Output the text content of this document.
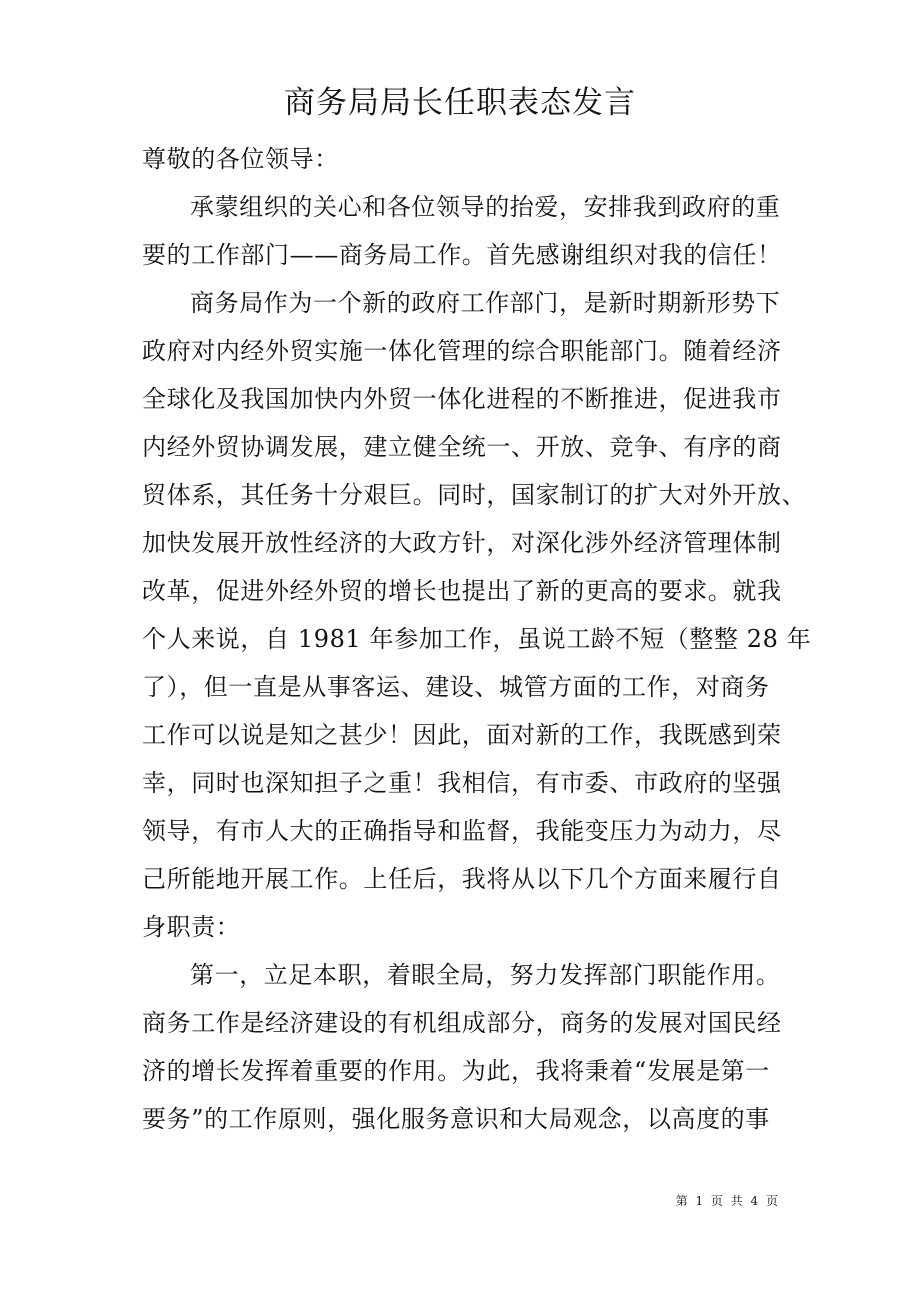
商务局局长任职表态发言
尊敬的各位领导：
承蒙组织的关心和各位领导的抬爱，安排我到政府的重
要的工作部门——商务局工作。首先感谢组织对我的信任！
商务局作为一个新的政府工作部门，是新时期新形势下
政府对内经外贸实施一体化管理的综合职能部门。随着经济
全球化及我国加快内外贸一体化进程的不断推进，促进我市
内经外贸协调发展，建立健全统一、开放、竞争、有序的商
贸体系，其任务十分艰巨。同时，国家制订的扩大对外开放、
加快发展开放性经济的大政方针，对深化涉外经济管理体制
改革，促进外经外贸的增长也提出了新的更高的要求。就我
个人来说，自 1981 年参加工作，虽说工龄不短（整整 28 年
了），但一直是从事客运、建设、城管方面的工作，对商务
工作可以说是知之甚少！因此，面对新的工作，我既感到荣
幸，同时也深知担子之重！我相信，有市委、市政府的坚强
领导，有市人大的正确指导和监督，我能变压力为动力，尽
己所能地开展工作。上任后，我将从以下几个方面来履行自
身职责：
第一，立足本职，着眼全局，努力发挥部门职能作用。
商务工作是经济建设的有机组成部分，商务的发展对国民经
济的增长发挥着重要的作用。为此，我将秉着“发展是第一
要务”的工作原则，强化服务意识和大局观念，以高度的事
第 1 页 共 4 页
